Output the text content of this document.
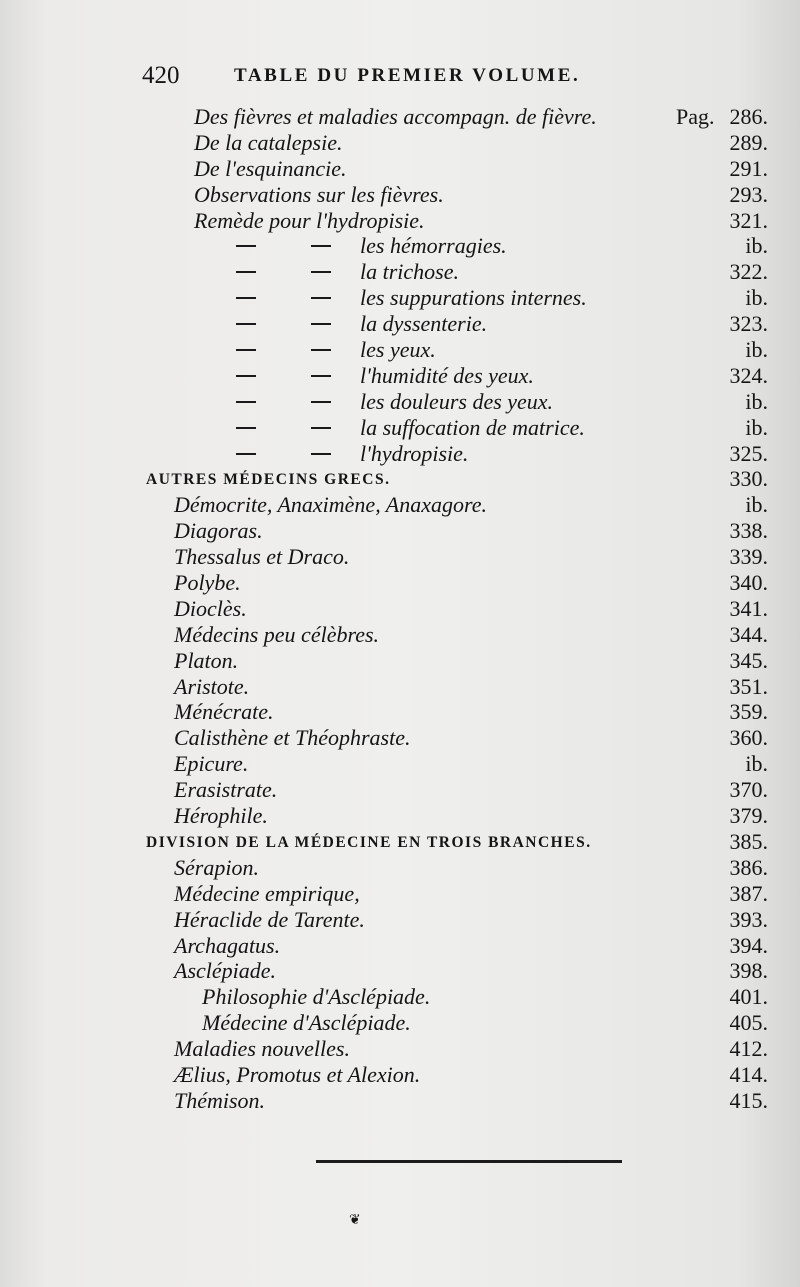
420	TABLE DU PREMIER VOLUME.
Des fièvres et maladies accompagn. de fièvre.	Pag. 286.
De la catalepsie.	289.
De l'esquinancie.	291.
Observations sur les fièvres.	293.
Remède pour l'hydropisie.	321.
les hémorragies.	ib.
la trichose.	322.
les suppurations internes.	ib.
la dyssenterie.	323.
les yeux.	ib.
l'humidité des yeux.	324.
les douleurs des yeux.	ib.
la suffocation de matrice.	ib.
l'hydropisie.	325.
AUTRES MÉDECINS GRECS.	330.
Démocrite, Anaximène, Anaxagore.	ib.
Diagoras.	338.
Thessalus et Draco.	339.
Polybe.	340.
Dioclès.	341.
Médecins peu célèbres.	344.
Platon.	345.
Aristote.	351.
Ménécrate.	359.
Calisthène et Théophraste.	360.
Epicure.	ib.
Erasistrate.	370.
Hérophile.	379.
DIVISION DE LA MÉDECINE EN TROIS BRANCHES.	385.
Sérapion.	386.
Médecine empirique,	387.
Héraclide de Tarente.	393.
Archagatus.	394.
Asclépiade.	398.
Philosophie d'Asclépiade.	401.
Médecine d'Asclépiade.	405.
Maladies nouvelles.	412.
Ælius, Promotus et Alexion.	414.
Thémison.	415.
❦
